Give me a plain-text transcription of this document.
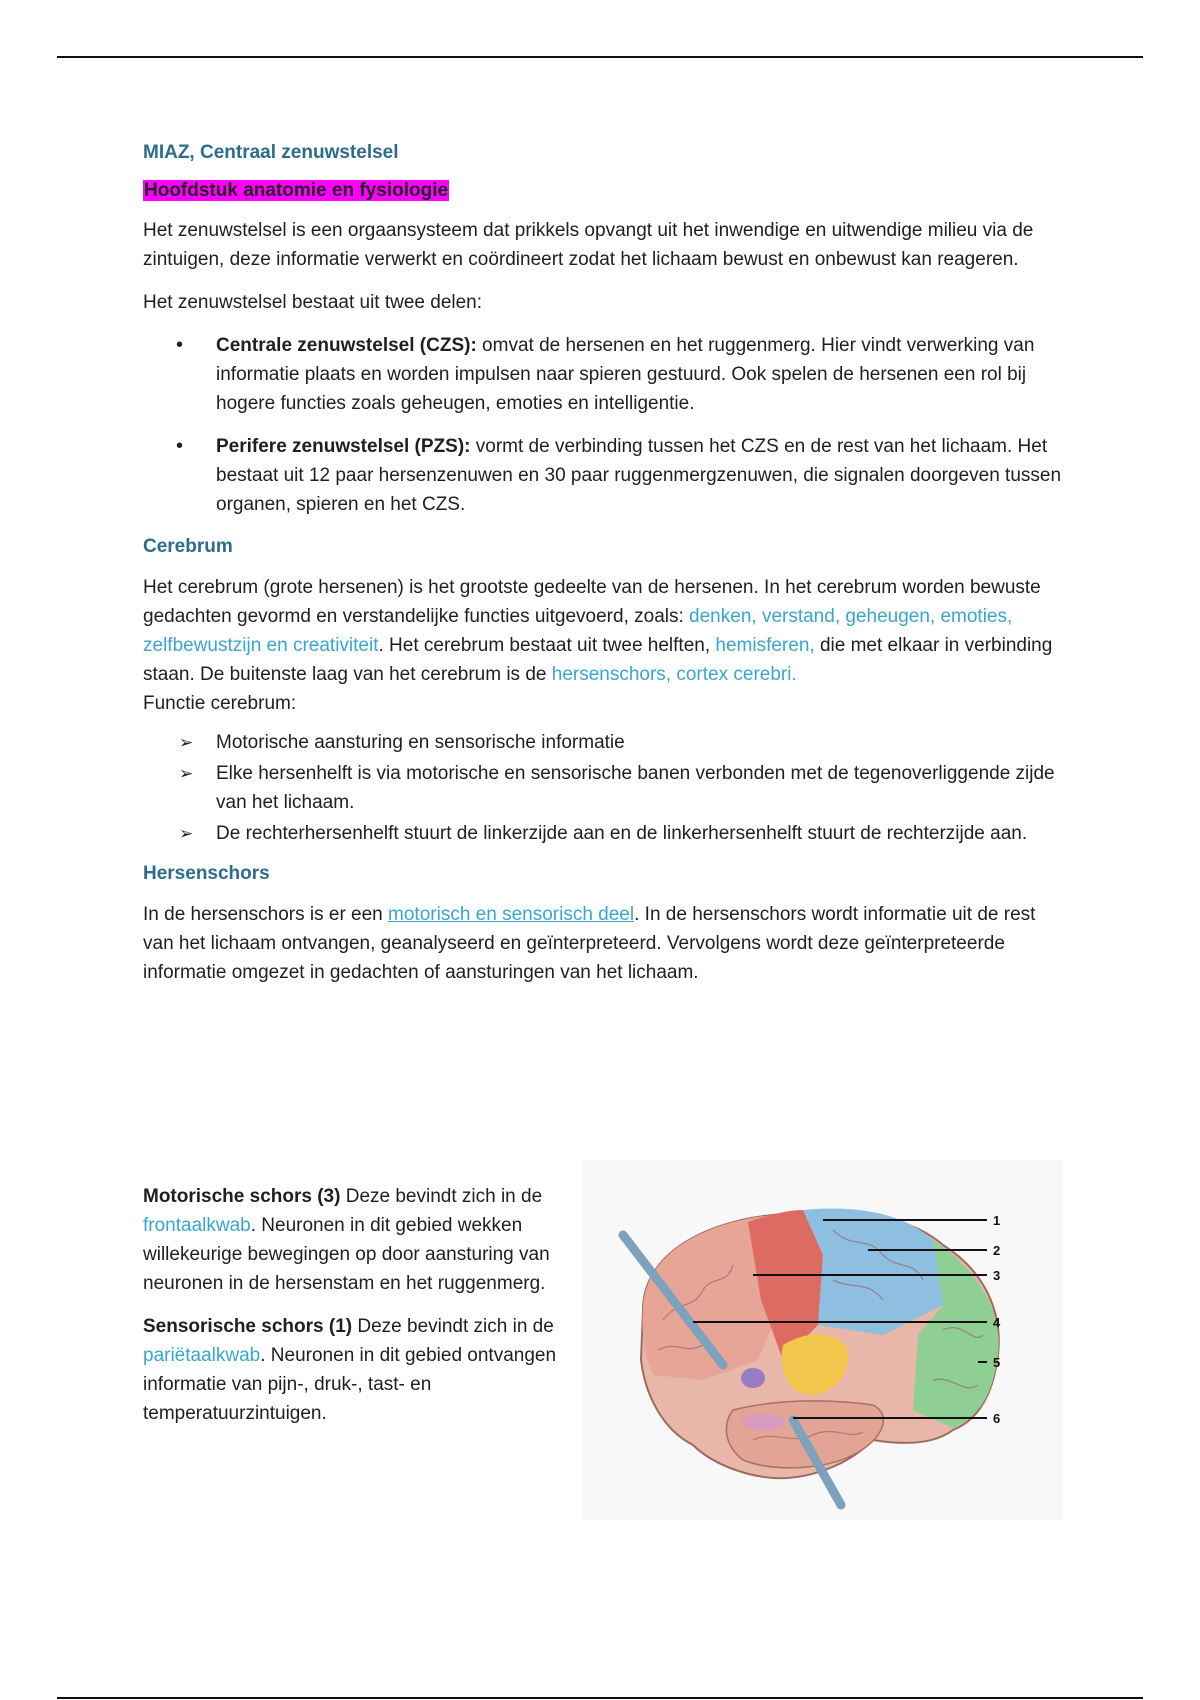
MIAZ, Centraal zenuwstelsel
Hoofdstuk anatomie en fysiologie

Het zenuwstelsel is een orgaansysteem dat prikkels opvangt uit het inwendige en uitwendige milieu via de zintuigen, deze informatie verwerkt en coördineert zodat het lichaam bewust en onbewust kan reageren.

Het zenuwstelsel bestaat uit twee delen:

• Centrale zenuwstelsel (CZS): omvat de hersenen en het ruggenmerg. Hier vindt verwerking van informatie plaats en worden impulsen naar spieren gestuurd. Ook spelen de hersenen een rol bij hogere functies zoals geheugen, emoties en intelligentie.
• Perifere zenuwstelsel (PZS): vormt de verbinding tussen het CZS en de rest van het lichaam. Het bestaat uit 12 paar hersenzenuwen en 30 paar ruggenmergzenuwen, die signalen doorgeven tussen organen, spieren en het CZS.
Cerebrum

Het cerebrum (grote hersenen) is het grootste gedeelte van de hersenen. In het cerebrum worden bewuste gedachten gevormd en verstandelijke functies uitgevoerd, zoals: denken, verstand, geheugen, emoties, zelfbewustzijn en creativiteit. Het cerebrum bestaat uit twee helften, hemisferen, die met elkaar in verbinding staan. De buitenste laag van het cerebrum is de hersenschors, cortex cerebri.

Functie cerebrum:

➢ Motorische aansturing en sensorische informatie
➢ Elke hersenhelft is via motorische en sensorische banen verbonden met de tegenoverliggende zijde van het lichaam.
➢ De rechterhersenhelft stuurt de linkerzijde aan en de linkerhersenhelft stuurt de rechterzijde aan.
Hersenschors

In de hersenschors is er een motorisch en sensorisch deel. In de hersenschors wordt informatie uit de rest van het lichaam ontvangen, geanalyseerd en geïnterpreteerd. Vervolgens wordt deze geïnterpreteerde informatie omgezet in gedachten of aansturingen van het lichaam.

Motorische schors (3) Deze bevindt zich in de frontaalkwab. Neuronen in dit gebied wekken willekeurige bewegingen op door aansturing van neuronen in de hersenstam en het ruggenmerg.

Sensorische schors (1) Deze bevindt zich in de pariëtaalkwab. Neuronen in dit gebied ontvangen informatie van pijn-, druk-, tast- en temperatuurzintuigen.

1
2
3
4
5
6
